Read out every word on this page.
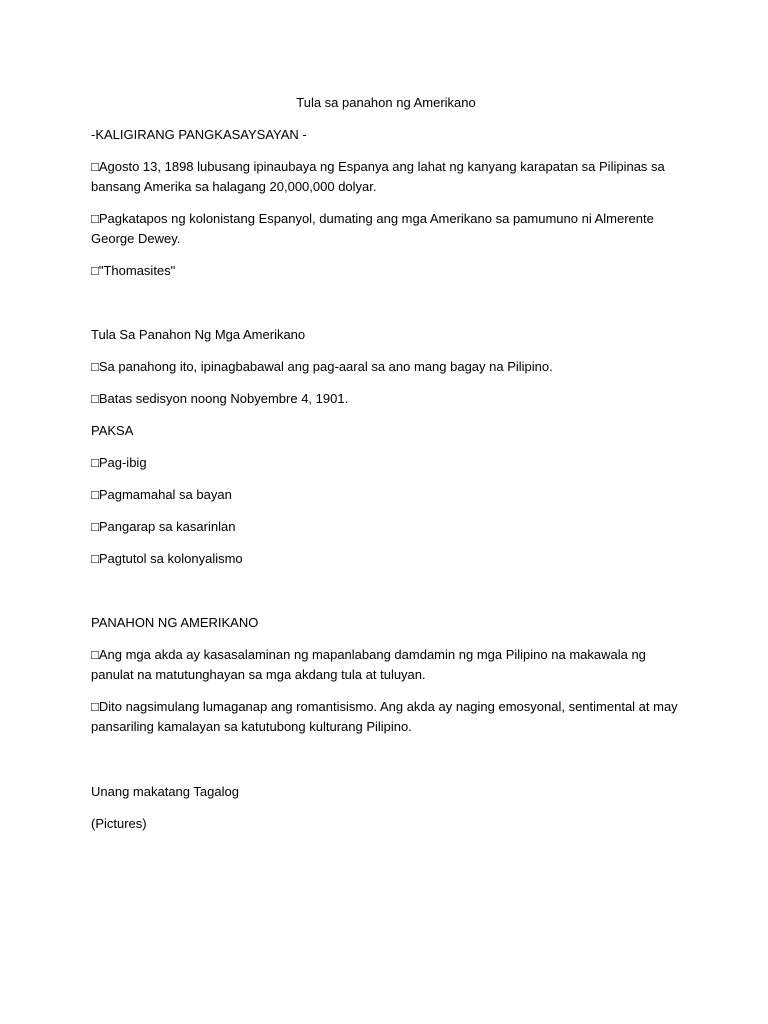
Tula sa panahon ng Amerikano
-KALIGIRANG PANGKASAYSAYAN -
□Agosto 13, 1898 lubusang ipinaubaya ng Espanya ang lahat ng kanyang karapatan sa Pilipinas sa bansang Amerika sa halagang 20,000,000 dolyar.
□Pagkatapos ng kolonistang Espanyol, dumating ang mga Amerikano sa pamumuno ni Almerente George Dewey.
□"Thomasites"
Tula Sa Panahon Ng Mga Amerikano
□Sa panahong ito, ipinagbabawal ang pag-aaral sa ano mang bagay na Pilipino.
□Batas sedisyon noong Nobyembre 4, 1901.
PAKSA
□Pag-ibig
□Pagmamahal sa bayan
□Pangarap sa kasarinlan
□Pagtutol sa kolonyalismo
PANAHON NG AMERIKANO
□Ang mga akda ay kasasalaminan ng mapanlabang damdamin ng mga Pilipino na makawala ng panulat na matutunghayan sa mga akdang tula at tuluyan.
□Dito nagsimulang lumaganap ang romantisismo. Ang akda ay naging emosyonal, sentimental at may pansariling kamalayan sa katutubong kulturang Pilipino.
Unang makatang Tagalog
(Pictures)
